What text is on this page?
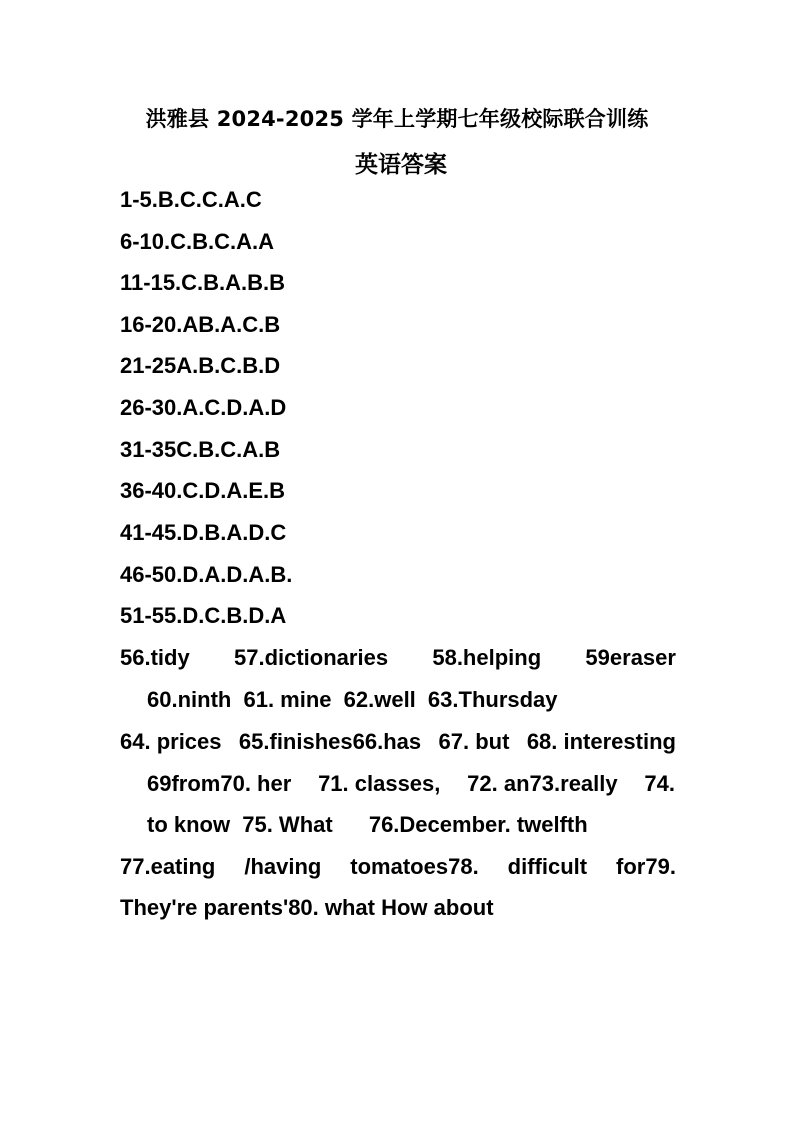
洪雅县 2024-2025 学年上学期七年级校际联合训练
英语答案
1-5.B.C.C.A.C
6-10.C.B.C.A.A
11-15.C.B.A.B.B
16-20.AB.A.C.B
21-25A.B.C.B.D
26-30.A.C.D.A.D
31-35C.B.C.A.B
36-40.C.D.A.E.B
41-45.D.B.A.D.C
46-50.D.A.D.A.B.
51-55.D.C.B.D.A
56.tidy 57.dictionaries 58.helping 59eraser
60.ninth 61. mine 62.well 63.Thursday
64. prices 65.finishes66.has 67. but 68. interesting
69from70. her 71. classes, 72. an73.really 74.
to know 75. What 76.December. twelfth
77.eating /having tomatoes78. difficult for79.
They're parents'80. what How about
